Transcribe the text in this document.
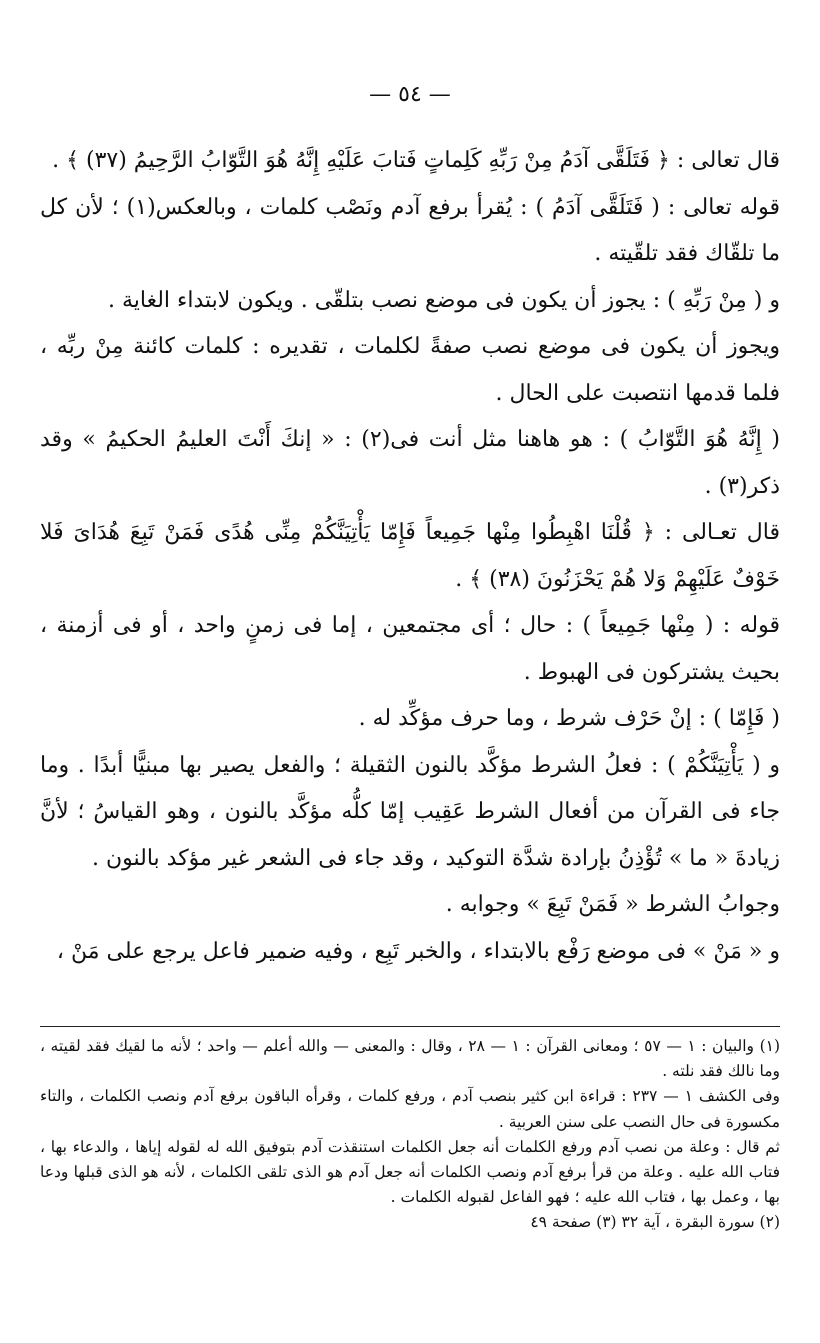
— ٥٤ —

قال تعالى : ﴿ فَتَلَقَّى آدَمُ مِنْ رَبِّهِ كَلِماتٍ فَتابَ عَلَيْهِ إِنَّهُ هُوَ التَّوّابُ الرَّحِيمُ (٣٧) ﴾ .

قوله تعالى : ( فَتَلَقَّى آدَمُ ) : يُقرأ برفع آدم ونَصْب كلمات ، وبالعكس(١) ؛ لأن كل ما تلقّاك فقد تلقّيته .

و ( مِنْ رَبِّهِ ) : يجوز أن يكون فى موضع نصب بتلقّى . ويكون لابتداء الغاية .

ويجوز أن يكون فى موضع نصب صفةً لكلمات ، تقديره : كلمات كائنة مِنْ ربِّه ، فلما قدمها انتصبت على الحال .

( إِنَّهُ هُوَ التَّوّابُ ) : هو هاهنا مثل أنت فى(٢) : « إنكَ أَنْتَ العليمُ الحكيمُ » وقد ذكر(٣) .

قال تعـالى : ﴿ قُلْنَا اهْبِطُوا مِنْها جَمِيعاً فَإِمّا يَأْتِيَنَّكُمْ مِنِّى هُدًى فَمَنْ تَبِعَ هُدَاىَ فَلا خَوْفٌ عَلَيْهِمْ وَلا هُمْ يَحْزَنُونَ (٣٨) ﴾ .

قوله : ( مِنْها جَمِيعاً ) : حال ؛ أى مجتمعين ، إما فى زمنٍ واحد ، أو فى أزمنة ، بحيث يشتركون فى الهبوط .

( فَإِمّا ) : إنْ حَرْف شرط ، وما حرف مؤكِّد له .

و ( يَأْتِيَنَّكُمْ ) : فعلُ الشرط مؤكَّد بالنون الثقيلة ؛ والفعل يصير بها مبنيًّا أبدًا . وما جاء فى القرآن من أفعال الشرط عَقِيب إمّا كلُّه مؤكَّد بالنون ، وهو القياسُ ؛ لأنَّ زيادةَ « ما » تُؤْذِنُ بإرادة شدَّة التوكيد ، وقد جاء فى الشعر غير مؤكد بالنون .

وجوابُ الشرط « فَمَنْ تَبِعَ » وجوابه .

و « مَنْ » فى موضع رَفْع بالابتداء ، والخبر تَبِع ، وفيه ضمير فاعل يرجع على مَنْ ،

(١) والبيان : ١ — ٥٧ ؛ ومعانى القرآن : ١ — ٢٨ ، وقال : والمعنى — والله أعلم — واحد ؛ لأنه ما لقيك فقد لقيته ، وما نالك فقد نلته .

وفى الكشف ١ — ٢٣٧ : قراءة ابن كثير بنصب آدم ، ورفع كلمات ، وقرأه الباقون برفع آدم ونصب الكلمات ، والتاء مكسورة فى حال النصب على سنن العربية .

ثم قال : وعلة من نصب آدم ورفع الكلمات أنه جعل الكلمات استنقذت آدم بتوفيق الله له لقوله إياها ، والدعاء بها ، فتاب الله عليه . وعلة من قرأ برفع آدم ونصب الكلمات أنه جعل آدم هو الذى تلقى الكلمات ، لأنه هو الذى قبلها ودعا بها ، وعمل بها ، فتاب الله عليه ؛ فهو الفاعل لقبوله الكلمات .

(٢) سورة البقرة ، آية ٣٢ (٣) صفحة ٤٩
